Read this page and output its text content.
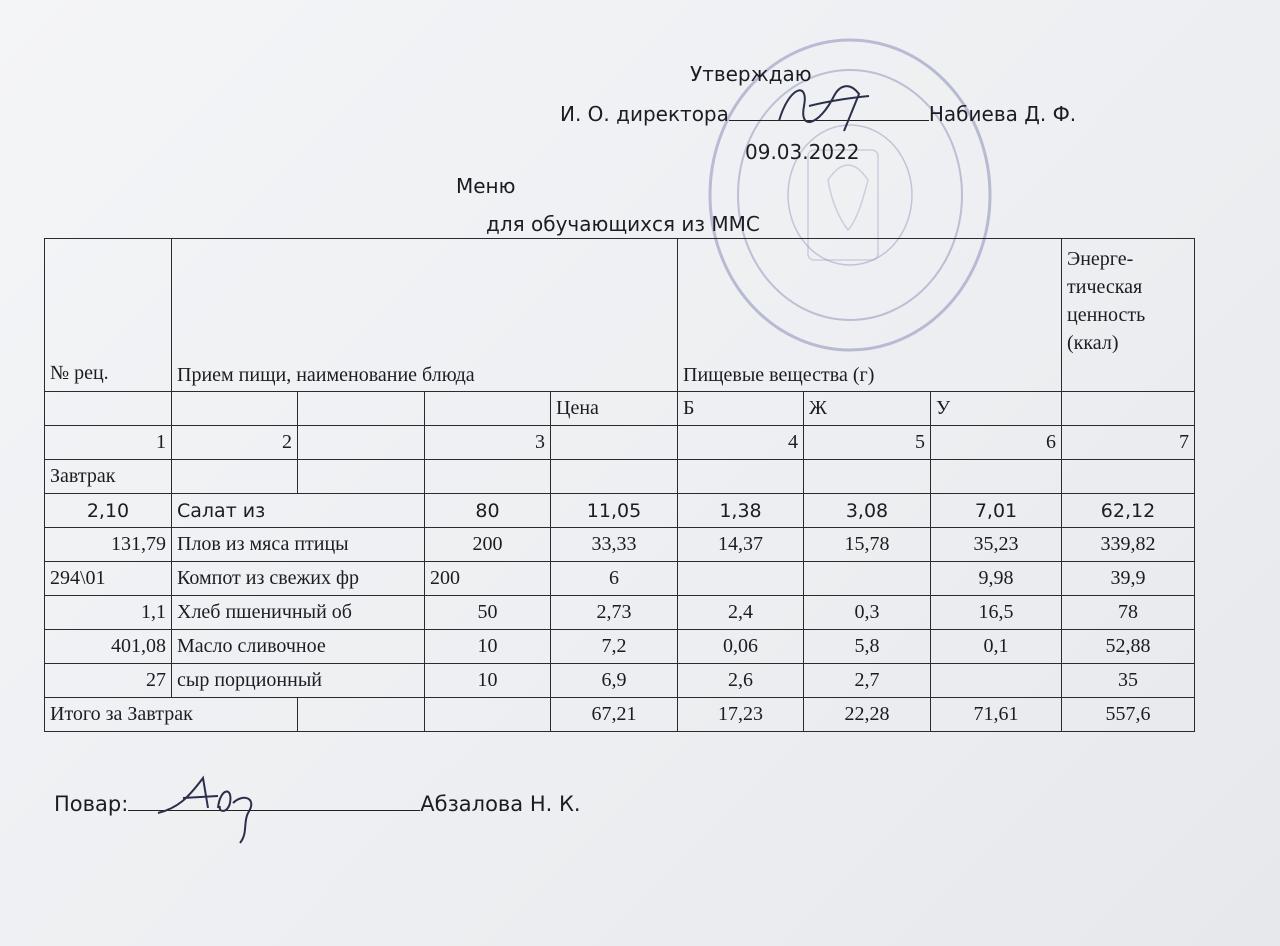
Утверждаю
И. О. директора	Набиева Д. Ф.
09.03.2022
Меню
для обучающихся из ММС
№ рец.	Прием пищи, наименование блюда				Пищевые вещества (г)			Энерге-тическая ценность (ккал)
				Цена	Б	Ж	У	
1	2		3		4	5	6	7
Завтрак								
2,10	Салат из		80	11,05	1,38	3,08	7,01	62,12
131,79	Плов из мяса птицы		200	33,33	14,37	15,78	35,23	339,82
294\01	Компот из свежих фр		200	6			9,98	39,9
1,1	Хлеб пшеничный об		50	2,73	2,4	0,3	16,5	78
401,08	Масло сливочное		10	7,2	0,06	5,8	0,1	52,88
27	сыр порционный		10	6,9	2,6	2,7		35
Итого за Завтрак				67,21	17,23	22,28	71,61	557,6
Повар:	Абзалова Н. К.
